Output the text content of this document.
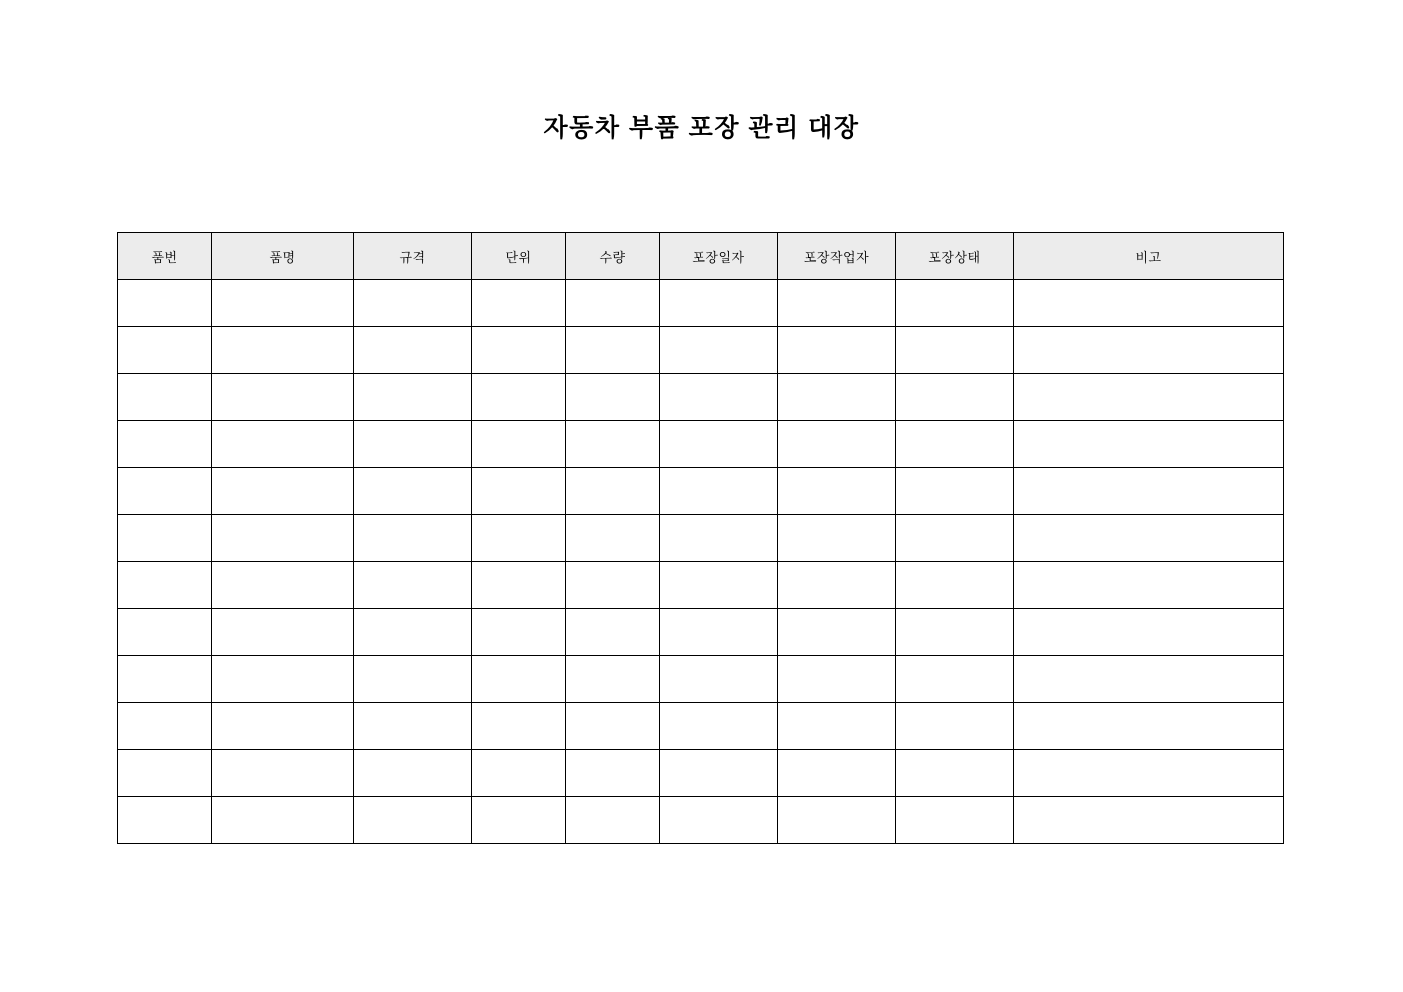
자동차 부품 포장 관리 대장
품번	품명	규격	단위	수량	포장일자	포장작업자	포장상태	비고
